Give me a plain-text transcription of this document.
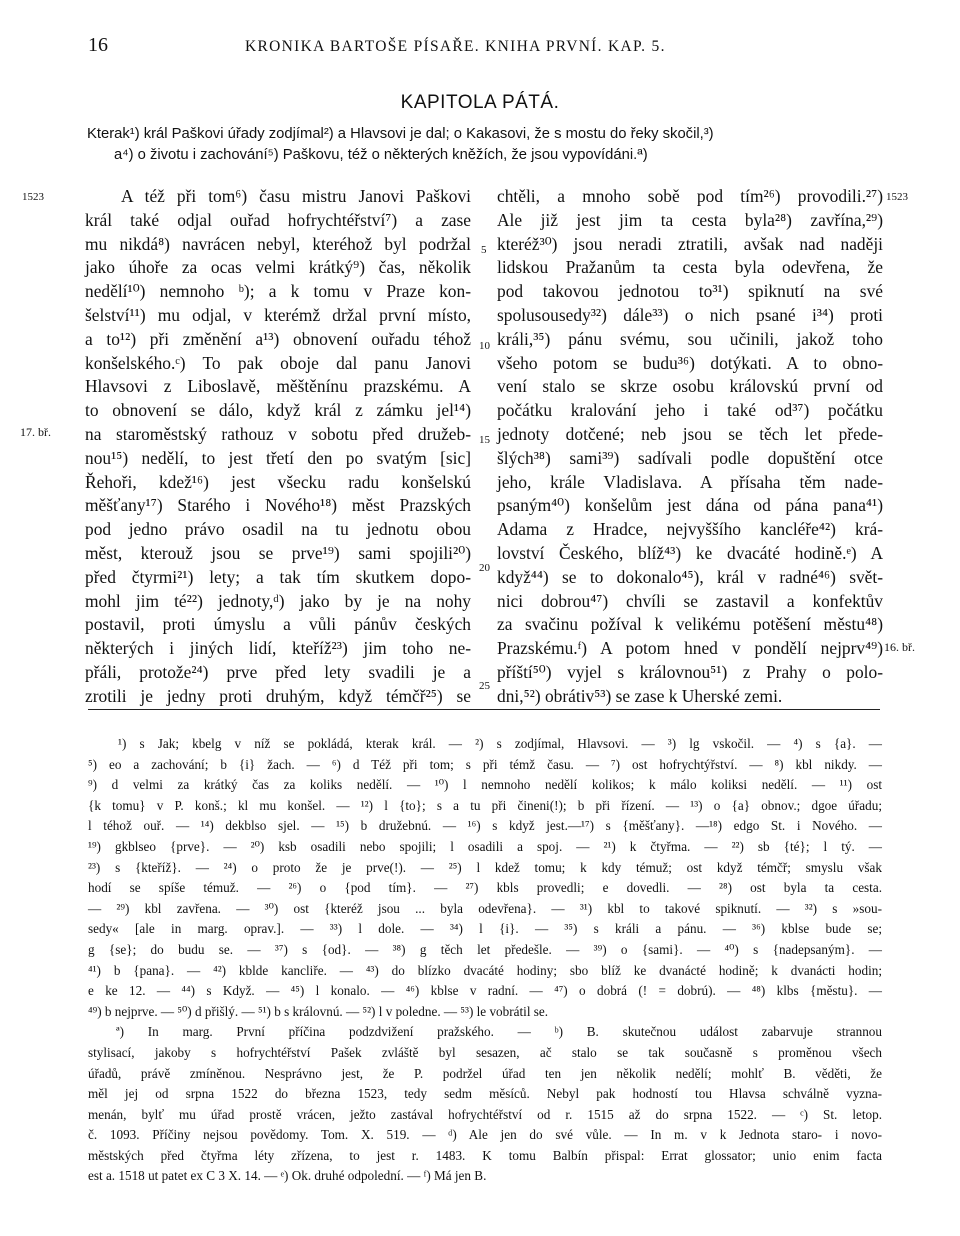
16	KRONIKA BARTOŠE PÍSAŘE. KNIHA PRVNÍ. KAP. 5.
KAPITOLA PÁTÁ.
Kterak¹) král Paškovi úřady zodjímal²) a Hlavsovi je dal; o Kakasovi, že s mostu do řeky skočil,³)
a⁴) o životu i zachování⁵) Paškovu, též o některých kněžích, že jsou vypovídáni.ª)
1523	1523
17. bř.
16. bř.
5
10
15
20
25
A též při tom⁶) času mistru Janovi Paškovi
král také odjal ouřad hofrychtéřství⁷) a zase
mu nikdá⁸) navrácen nebyl, kteréhož byl podržal
jako úhoře za ocas velmi krátký⁹) čas, několik
nedělí¹⁰) nemnoho ᵇ); a k tomu v Praze kon-
šelství¹¹) mu odjal, v kterémž držal první místo,
a to¹²) při změnění a¹³) obnovení ouřadu téhož
konšelského.ᶜ) To pak oboje dal panu Janovi
Hlavsovi z Liboslavě, měštěnínu prazskému. A
to obnovení se dálo, když král z zámku jel¹⁴)
na staroměstský rathouz v sobotu před družeb-
nou¹⁵) nedělí, to jest třetí den po svatým [sic]
Řehoři, kdež¹⁶) jest všecku radu konšelskú
měšťany¹⁷) Starého i Nového¹⁸) měst Prazských
pod jedno právo osadil na tu jednotu obou
měst, kterouž jsou se prve¹⁹) sami spojili²⁰)
před čtyrmi²¹) lety; a tak tím skutkem dopo-
mohl jim té²²) jednoty,ᵈ) jako by je na nohy
postavil, proti úmyslu a vůli pánův českých
některých i jiných lidí, kteříž²³) jim toho ne-
přáli, protože²⁴) prve před lety svadili je a
zrotili je jedny proti druhým, když témčř²⁵) se
chtěli, a mnoho sobě pod tím²⁶) provodili.²⁷)
Ale již jest jim ta cesta byla²⁸) zavřína,²⁹)
kteréž³⁰) jsou neradi ztratili, avšak nad naději
lidskou Pražanům ta cesta byla odevřena, že
pod takovou jednotou to³¹) spiknutí na své
spolusousedy³²) dále³³) o nich psané i³⁴) proti
králi,³⁵) pánu svému, sou učinili, jakož toho
všeho potom se budu³⁶) dotýkati. A to obno-
vení stalo se skrze osobu královskú první od
počátku kralování jeho i také od³⁷) počátku
jednoty dotčené; neb jsou se těch let přede-
šlých³⁸) sami³⁹) sadívali podle dopuštění otce
jeho, krále Vladislava. A přísaha těm nade-
psaným⁴⁰) konšelům jest dána od pána pana⁴¹)
Adama z Hradce, nejvyššího kancléře⁴²) krá-
lovství Českého, blíž⁴³) ke dvacáté hodině.ᵉ) A
když⁴⁴) se to dokonalo⁴⁵), král v radné⁴⁶) svět-
nici dobrou⁴⁷) chvíli se zastavil a konfektův
za svačinu požíval k velikému potěšení městu⁴⁸)
Prazskému.ᶠ) A potom hned v pondělí nejprv⁴⁹)
příští⁵⁰) vyjel s královnou⁵¹) z Prahy o polo-
dni,⁵²) obrátiv⁵³) se zase k Uherské zemi.
¹) s Jak; kbelg v níž se pokládá, kterak král. — ²) s zodjímal, Hlavsovi. — ³) lg vskočil. — ⁴) s {a}. —
⁵) eo a zachování; b {i} žach. — ⁶) d Též při tom; s při témž času. — ⁷) ost hofrychtýřství. — ⁸) kbl nikdy. —
⁹) d velmi za krátký čas za koliks nedělí. — ¹⁰) l nemnoho nedělí kolikos; k málo koliksi nedělí. — ¹¹) ost
{k tomu} v P. konš.; kl mu konšel. — ¹²) l {to}; s a tu při čineni(!); b při řízení. — ¹³) o {a} obnov.; dgoe úřadu;
l téhož ouř. — ¹⁴) dekblso sjel. — ¹⁵) b družebnú. — ¹⁶) s když jest.—¹⁷) s {měšťany}. —¹⁸) edgo St. i Nového. —
¹⁹) gkblseo {prve}. — ²⁰) ksb osadili nebo spojili; l osadili a spoj. — ²¹) k čtyřma. — ²²) sb {té}; l tý. —
²³) s {kteříž}. — ²⁴) o proto že je prve(!). — ²⁵) l kdež tomu; k kdy témuž; ost když témčř; smyslu však
hodí se spíše témuž. — ²⁶) o {pod tím}. — ²⁷) kbls provedli; e dovedli. — ²⁸) ost byla ta cesta.
— ²⁹) kbl zavřena. — ³⁰) ost {kteréž jsou ... byla odevřena}. — ³¹) kbl to takové spiknutí. — ³²) s »sou-
sedy« [ale in marg. oprav.]. — ³³) l dole. — ³⁴) l {i}. — ³⁵) s králi a pánu. — ³⁶) kblse bude se;
g {se}; do budu se. — ³⁷) s {od}. — ³⁸) g těch let předešle. — ³⁹) o {sami}. — ⁴⁰) s {nadepsaným}. —
⁴¹) b {pana}. — ⁴²) kblde kancliře. — ⁴³) do blízko dvacáté hodiny; sbo blíž ke dvanácté hodině; k dvanácti hodin;
e ke 12. — ⁴⁴) s Když. — ⁴⁵) l konalo. — ⁴⁶) kblse v radní. — ⁴⁷) o dobrá (! = dobrú). — ⁴⁸) klbs {městu}. —
⁴⁹) b nejprve. — ⁵⁰) d přišlý. — ⁵¹) b s královnú. — ⁵²) l v poledne. — ⁵³) le vobrátil se.
ª) In marg. První příčina podzdvižení pražského. — ᵇ) B. skutečnou událost zabarvuje strannou
stylisací, jakoby s hofrychtéřství Pašek zvláště byl sesazen, ač stalo se tak současně s proměnou všech
úřadů, právě zmíněnou. Nesprávno jest, že P. podržel úřad ten jen několik nedělí; mohlť B. věděti, že
měl jej od srpna 1522 do března 1523, tedy sedm měsíců. Nebyl pak hodností tou Hlavsa schválně vyzna-
menán, bylť mu úřad prostě vrácen, ježto zastával hofrychtéřství od r. 1515 až do srpna 1522. — ᶜ) St. letop.
č. 1093. Příčiny nejsou povědomy. Tom. X. 519. — ᵈ) Ale jen do své vůle. — In m. v k Jednota staro- i novo-
městských před čtyřma léty zřízena, to jest r. 1483. K tomu Balbín přispal: Errat glossator; unio enim facta
est a. 1518 ut patet ex C 3 X. 14. — ᵉ) Ok. druhé odpolední. — ᶠ) Má jen B.
